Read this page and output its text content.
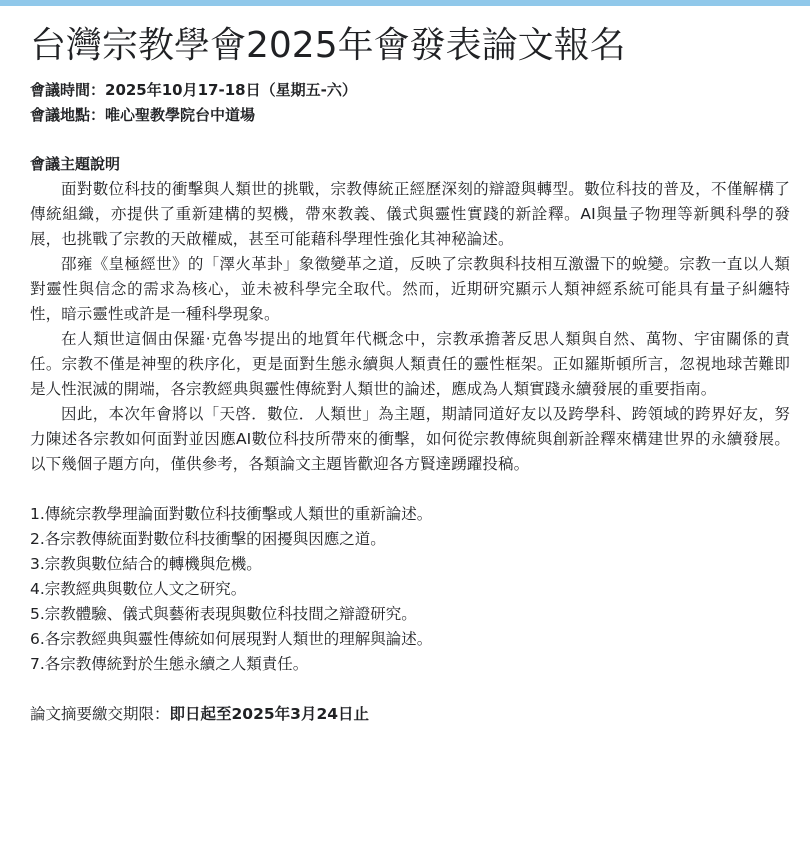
台灣宗教學會2025年會發表論文報名
會議時間：2025年10月17-18日（星期五-六）
會議地點：唯心聖教學院台中道場
會議主題說明

面對數位科技的衝擊與人類世的挑戰，宗教傳統正經歷深刻的辯證與轉型。數位科技的普及，不僅解構了傳統組織，亦提供了重新建構的契機，帶來教義、儀式與靈性實踐的新詮釋。AI與量子物理等新興科學的發展，也挑戰了宗教的天啟權威，甚至可能藉科學理性強化其神秘論述。

邵雍《皇極經世》的「澤火革卦」象徵變革之道，反映了宗教與科技相互激盪下的蛻變。宗教一直以人類對靈性與信念的需求為核心，並未被科學完全取代。然而，近期研究顯示人類神經系統可能具有量子糾纏特性，暗示靈性或許是一種科學現象。

在人類世這個由保羅·克魯岑提出的地質年代概念中，宗教承擔著反思人類與自然、萬物、宇宙關係的責任。宗教不僅是神聖的秩序化，更是面對生態永續與人類責任的靈性框架。正如羅斯頓所言，忽視地球苦難即是人性泯滅的開端，各宗教經典與靈性傳統對人類世的論述，應成為人類實踐永續發展的重要指南。

因此，本次年會將以「天啓．數位．人類世」為主題，期請同道好友以及跨學科、跨領域的跨界好友，努力陳述各宗教如何面對並因應AI數位科技所帶來的衝擊，如何從宗教傳統與創新詮釋來構建世界的永續發展。以下幾個子題方向，僅供參考，各類論文主題皆歡迎各方賢達踴躍投稿。

1.傳統宗教學理論面對數位科技衝擊或人類世的重新論述。
2.各宗教傳統面對數位科技衝擊的困擾與因應之道。
3.宗教與數位結合的轉機與危機。
4.宗教經典與數位人文之研究。
5.宗教體驗、儀式與藝術表現與數位科技間之辯證研究。
6.各宗教經典與靈性傳統如何展現對人類世的理解與論述。
7.各宗教傳統對於生態永續之人類責任。
論文摘要繳交期限：即日起至2025年3月24日止
